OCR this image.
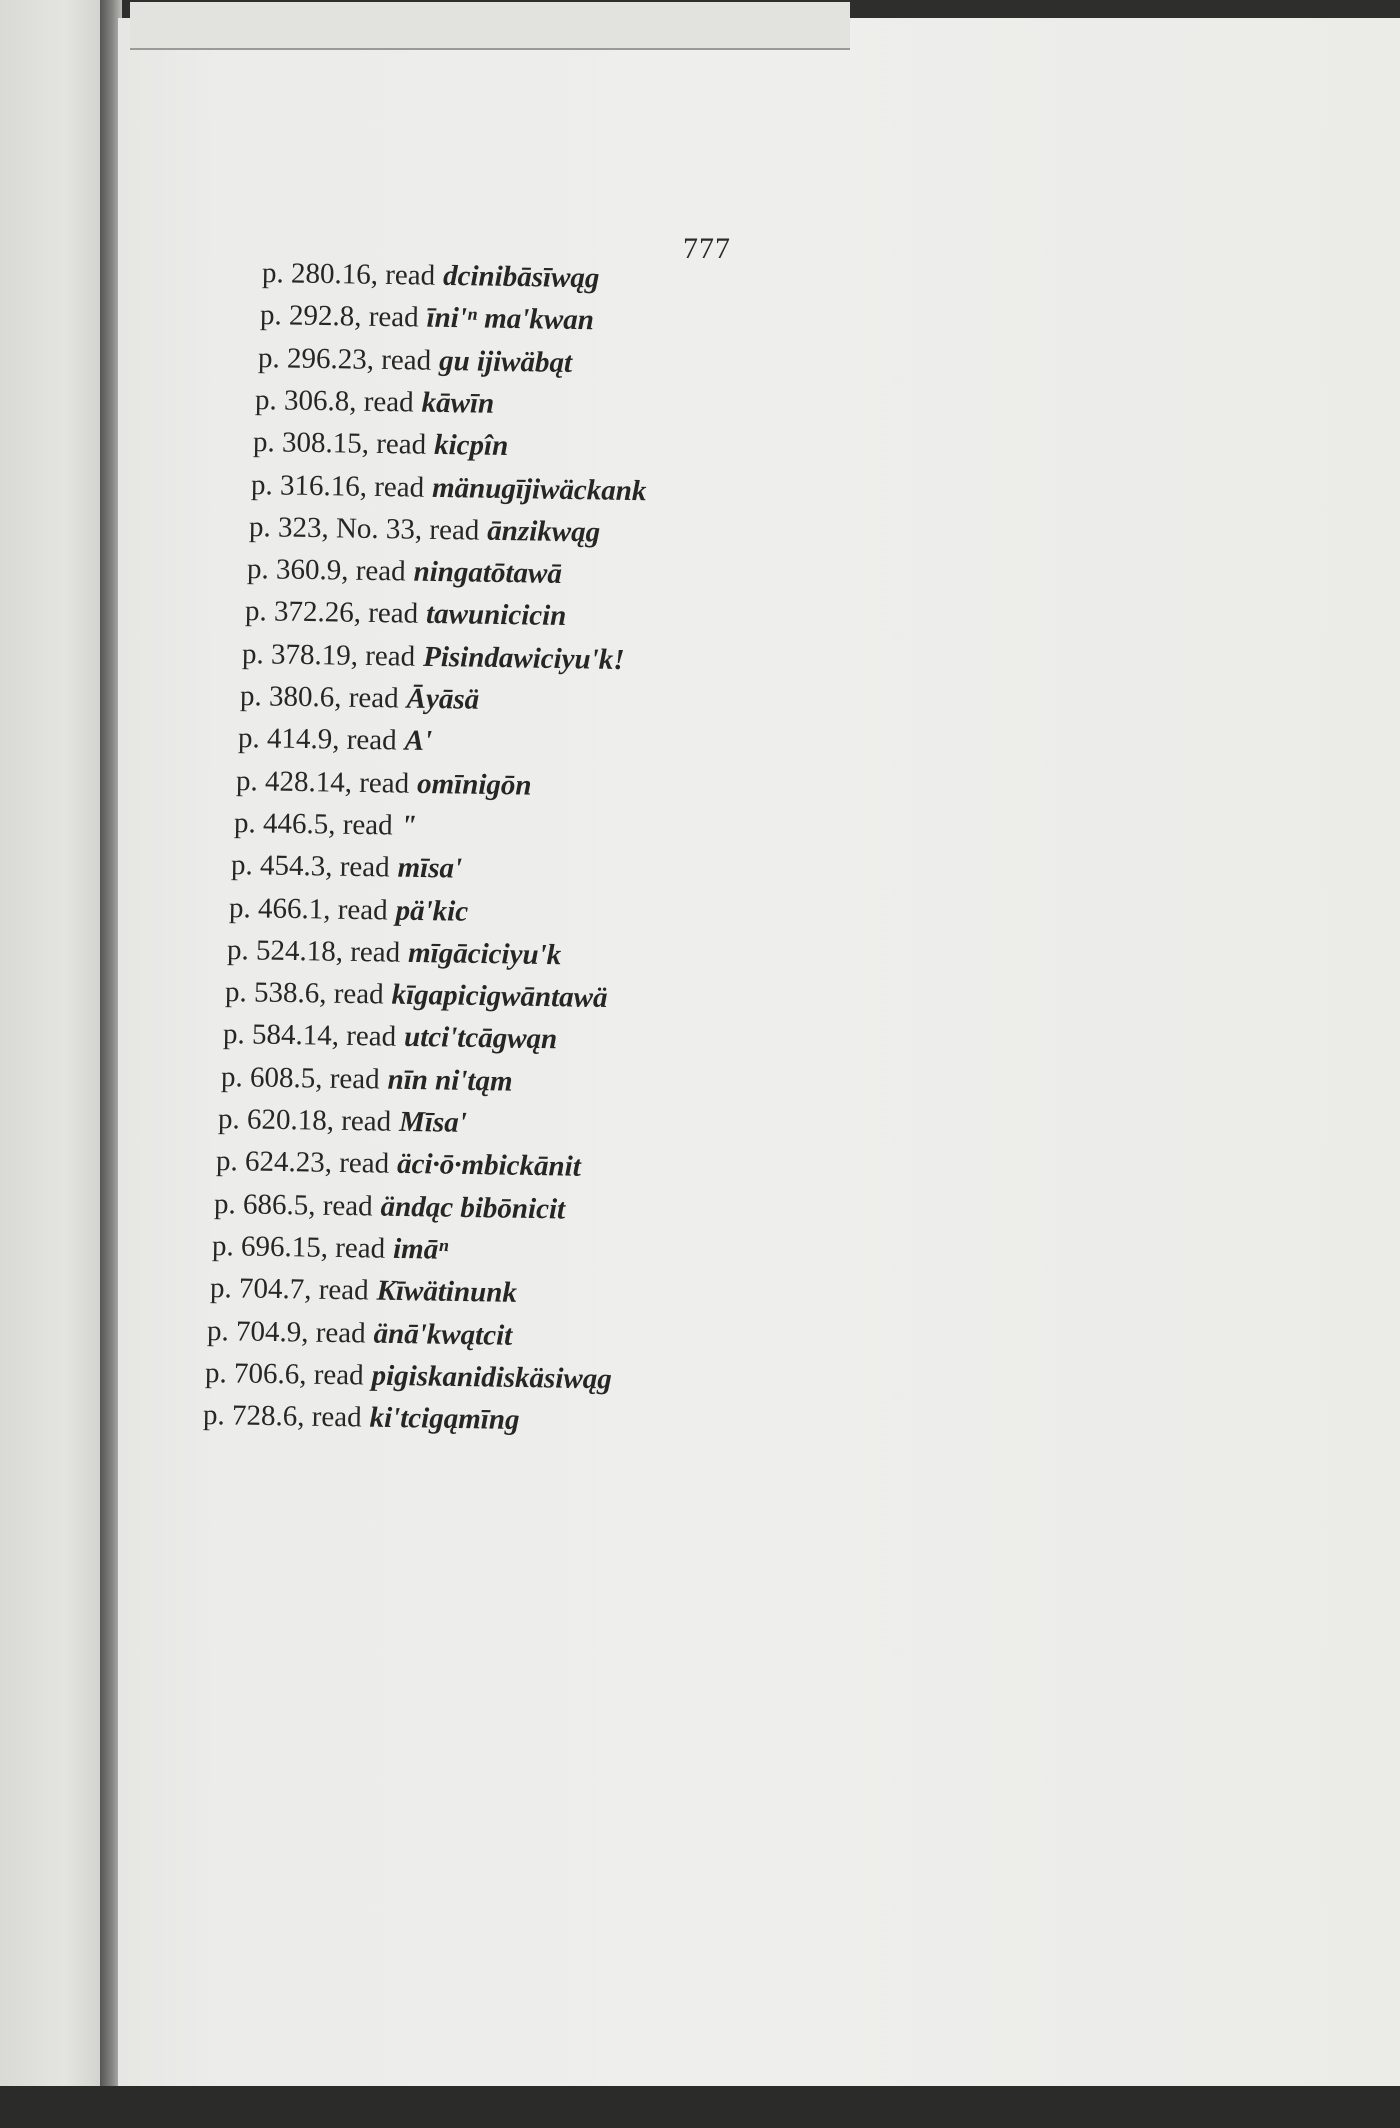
777
p. 280.16, read dcinibāsīwąg
p. 292.8, read īni'ⁿ ma'kwan
p. 296.23, read gu ijiwäbąt
p. 306.8, read kāwīn
p. 308.15, read kicpîn
p. 316.16, read mänugījiwäckank
p. 323, No. 33, read ānzikwąg
p. 360.9, read ningatōtawā
p. 372.26, read tawunicicin
p. 378.19, read Pisindawiciyu'k!
p. 380.6, read Āyāsä
p. 414.9, read A'
p. 428.14, read omīnigōn
p. 446.5, read "
p. 454.3, read mīsa'
p. 466.1, read pä'kic
p. 524.18, read mīgāciciyu'k
p. 538.6, read kīgapicigwāntawä
p. 584.14, read utci'tcāgwąn
p. 608.5, read nīn ni'tąm
p. 620.18, read Mīsa'
p. 624.23, read äci·ō·mbickānit
p. 686.5, read ändąc bibōnicit
p. 696.15, read imāⁿ
p. 704.7, read Kīwätinunk
p. 704.9, read änā'kwątcit
p. 706.6, read pigiskanidiskäsiwąg
p. 728.6, read ki'tcigąmīng
